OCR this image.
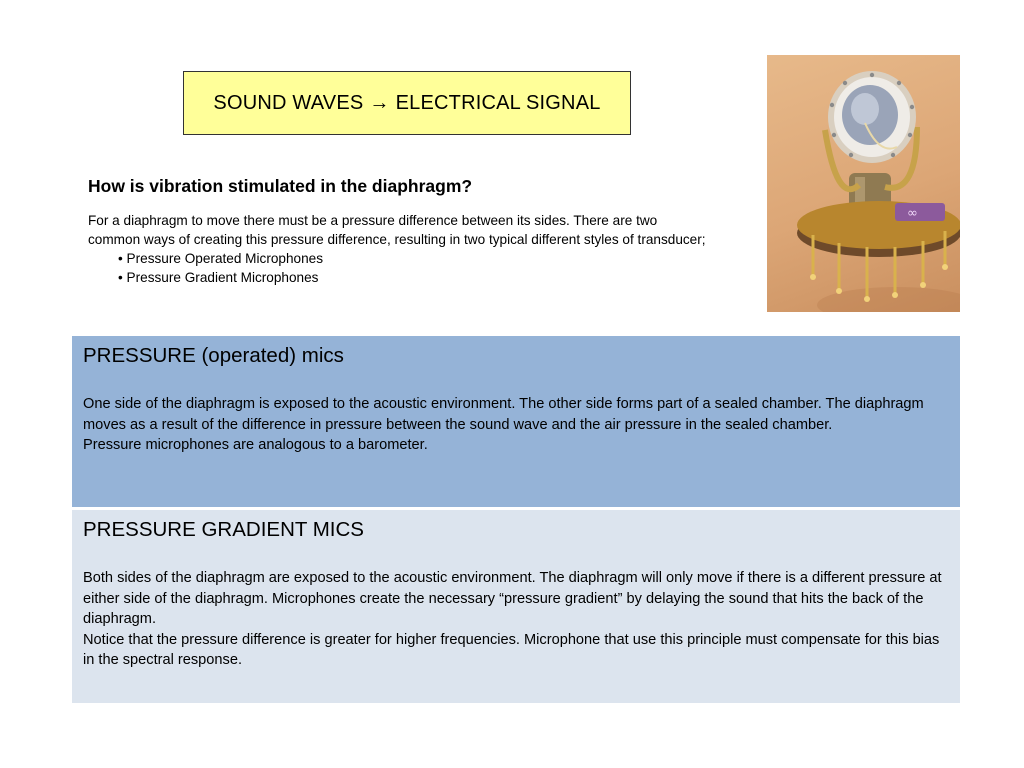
SOUND WAVES → ELECTRICAL SIGNAL
How is vibration stimulated in the diaphragm?
For a diaphragm to move there must be a pressure difference between its sides. There are two common ways of creating this pressure difference, resulting in two typical different styles of transducer;
• Pressure Operated Microphones
• Pressure Gradient Microphones
∞
PRESSURE (operated) mics

One side of the diaphragm is exposed to the acoustic environment. The other side forms part of a sealed chamber. The diaphragm moves as a result of the difference in pressure between the sound wave and the air pressure in the sealed chamber.

Pressure microphones are analogous to a barometer.

PRESSURE GRADIENT MICS

Both sides of the diaphragm are exposed to the acoustic environment. The diaphragm will only move if there is a different pressure at either side of the diaphragm. Microphones create the necessary “pressure gradient” by delaying the sound that hits the back of the diaphragm.

Notice that the pressure difference is greater for higher frequencies. Microphone that use this principle must compensate for this bias in the spectral response.
